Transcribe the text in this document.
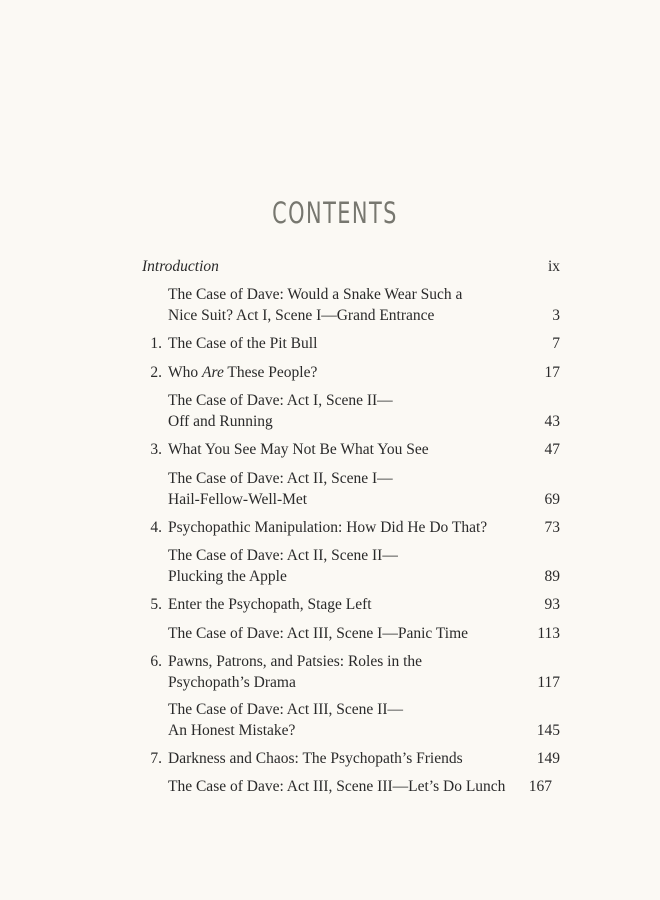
CONTENTS
Introduction	ix
The Case of Dave: Would a Snake Wear Such a
Nice Suit? Act I, Scene I—Grand Entrance	3
1. The Case of the Pit Bull	7
2. Who Are These People?	17
The Case of Dave: Act I, Scene II—
Off and Running	43
3. What You See May Not Be What You See	47
The Case of Dave: Act II, Scene I—
Hail-Fellow-Well-Met	69
4. Psychopathic Manipulation: How Did He Do That?	73
The Case of Dave: Act II, Scene II—
Plucking the Apple	89
5. Enter the Psychopath, Stage Left	93
The Case of Dave: Act III, Scene I—Panic Time	113
6. Pawns, Patrons, and Patsies: Roles in the
Psychopath’s Drama	117
The Case of Dave: Act III, Scene II—
An Honest Mistake?	145
7. Darkness and Chaos: The Psychopath’s Friends	149
The Case of Dave: Act III, Scene III—Let’s Do Lunch 167
